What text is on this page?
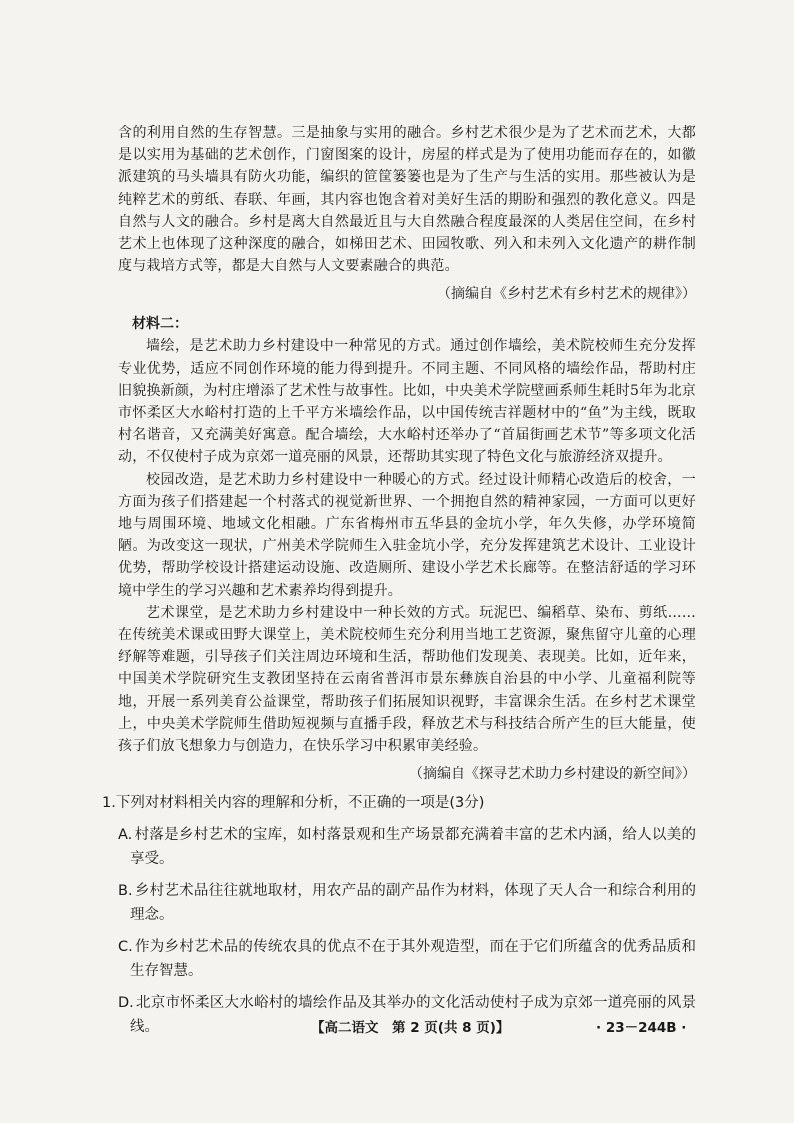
含的利用自然的生存智慧。三是抽象与实用的融合。乡村艺术很少是为了艺术而艺术，大都是以实用为基础的艺术创作，门窗图案的设计，房屋的样式是为了使用功能而存在的，如徽派建筑的马头墙具有防火功能，编织的笸筐篓篓也是为了生产与生活的实用。那些被认为是纯粹艺术的剪纸、春联、年画，其内容也饱含着对美好生活的期盼和强烈的教化意义。四是自然与人文的融合。乡村是离大自然最近且与大自然融合程度最深的人类居住空间，在乡村艺术上也体现了这种深度的融合，如梯田艺术、田园牧歌、列入和未列入文化遗产的耕作制度与栽培方式等，都是大自然与人文要素融合的典范。

（摘编自《乡村艺术有乡村艺术的规律》）
材料二：

墙绘，是艺术助力乡村建设中一种常见的方式。通过创作墙绘，美术院校师生充分发挥专业优势，适应不同创作环境的能力得到提升。不同主题、不同风格的墙绘作品，帮助村庄旧貌换新颜，为村庄增添了艺术性与故事性。比如，中央美术学院壁画系师生耗时5年为北京市怀柔区大水峪村打造的上千平方米墙绘作品，以中国传统吉祥题材中的“鱼”为主线，既取村名谐音，又充满美好寓意。配合墙绘，大水峪村还举办了“首届街画艺术节”等多项文化活动，不仅使村子成为京郊一道亮丽的风景，还帮助其实现了特色文化与旅游经济双提升。

校园改造，是艺术助力乡村建设中一种暖心的方式。经过设计师精心改造后的校舍，一方面为孩子们搭建起一个村落式的视觉新世界、一个拥抱自然的精神家园，一方面可以更好地与周围环境、地域文化相融。广东省梅州市五华县的金坑小学，年久失修，办学环境简陋。为改变这一现状，广州美术学院师生入驻金坑小学，充分发挥建筑艺术设计、工业设计优势，帮助学校设计搭建运动设施、改造厕所、建设小学艺术长廊等。在整洁舒适的学习环境中学生的学习兴趣和艺术素养均得到提升。

艺术课堂，是艺术助力乡村建设中一种长效的方式。玩泥巴、编稻草、染布、剪纸……在传统美术课或田野大课堂上，美术院校师生充分利用当地工艺资源，聚焦留守儿童的心理纾解等难题，引导孩子们关注周边环境和生活，帮助他们发现美、表现美。比如，近年来，中国美术学院研究生支教团坚持在云南省普洱市景东彝族自治县的中小学、儿童福利院等地，开展一系列美育公益课堂，帮助孩子们拓展知识视野，丰富课余生活。在乡村艺术课堂上，中央美术学院师生借助短视频与直播手段，释放艺术与科技结合所产生的巨大能量，使孩子们放飞想象力与创造力，在快乐学习中积累审美经验。

（摘编自《探寻艺术助力乡村建设的新空间》）
1.下列对材料相关内容的理解和分析，不正确的一项是(3分)
A. 村落是乡村艺术的宝库，如村落景观和生产场景都充满着丰富的艺术内涵，给人以美的享受。
B. 乡村艺术品往往就地取材，用农产品的副产品作为材料，体现了天人合一和综合利用的理念。
C. 作为乡村艺术品的传统农具的优点不在于其外观造型，而在于它们所蕴含的优秀品质和生存智慧。
D. 北京市怀柔区大水峪村的墙绘作品及其举办的文化活动使村子成为京郊一道亮丽的风景线。	【高二语文　第 2 页(共 8 页)】	· 23－244B ·
